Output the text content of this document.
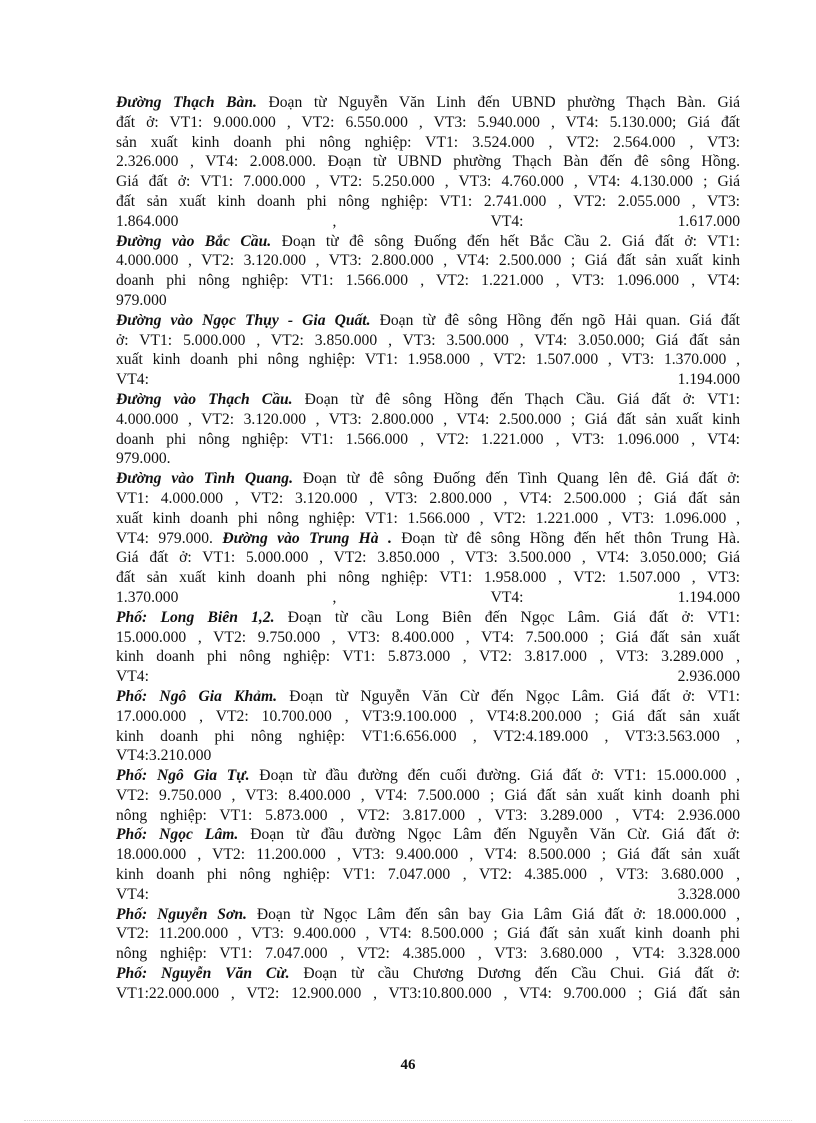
Đường Thạch Bàn. Đoạn từ Nguyễn Văn Linh đến UBND phường Thạch Bàn. Giá
đất ở: VT1: 9.000.000 , VT2: 6.550.000 , VT3: 5.940.000 , VT4: 5.130.000; Giá đất
sản xuất kinh doanh phi nông nghiệp: VT1: 3.524.000 , VT2: 2.564.000 , VT3:
2.326.000 , VT4: 2.008.000. Đoạn từ UBND phường Thạch Bàn đến đê sông Hồng.
Giá đất ở: VT1: 7.000.000 , VT2: 5.250.000 , VT3: 4.760.000 , VT4: 4.130.000 ; Giá
đất sản xuất kinh doanh phi nông nghiệp: VT1: 2.741.000 , VT2: 2.055.000 , VT3:
1.864.000	,	VT4:	1.617.000
Đường vào Bắc Cầu. Đoạn từ đê sông Đuống đến hết Bắc Cầu 2. Giá đất ở: VT1:
4.000.000 , VT2: 3.120.000 , VT3: 2.800.000 , VT4: 2.500.000 ; Giá đất sản xuất kinh
doanh phi nông nghiệp: VT1: 1.566.000 , VT2: 1.221.000 , VT3: 1.096.000 , VT4:
979.000
Đường vào Ngọc Thụy - Gia Quất. Đoạn từ đê sông Hồng đến ngõ Hải quan. Giá đất
ở: VT1: 5.000.000 , VT2: 3.850.000 , VT3: 3.500.000 , VT4: 3.050.000; Giá đất sản
xuất kinh doanh phi nông nghiệp: VT1: 1.958.000 , VT2: 1.507.000 , VT3: 1.370.000 ,
VT4:	1.194.000
Đường vào Thạch Cầu. Đoạn từ đê sông Hồng đến Thạch Cầu. Giá đất ở: VT1:
4.000.000 , VT2: 3.120.000 , VT3: 2.800.000 , VT4: 2.500.000 ; Giá đất sản xuất kinh
doanh phi nông nghiệp: VT1: 1.566.000 , VT2: 1.221.000 , VT3: 1.096.000 , VT4:
979.000.
Đường vào Tình Quang. Đoạn từ đê sông Đuống đến Tình Quang lên đê. Giá đất ở:
VT1: 4.000.000 , VT2: 3.120.000 , VT3: 2.800.000 , VT4: 2.500.000 ; Giá đất sản
xuất kinh doanh phi nông nghiệp: VT1: 1.566.000 , VT2: 1.221.000 , VT3: 1.096.000 ,
VT4: 979.000. Đường vào Trung Hà . Đoạn từ đê sông Hồng đến hết thôn Trung Hà.
Giá đất ở: VT1: 5.000.000 , VT2: 3.850.000 , VT3: 3.500.000 , VT4: 3.050.000; Giá
đất sản xuất kinh doanh phi nông nghiệp: VT1: 1.958.000 , VT2: 1.507.000 , VT3:
1.370.000	,	VT4:	1.194.000
Phố: Long Biên 1,2. Đoạn từ cầu Long Biên đến Ngọc Lâm. Giá đất ở: VT1:
15.000.000 , VT2: 9.750.000 , VT3: 8.400.000 , VT4: 7.500.000 ; Giá đất sản xuất
kinh doanh phi nông nghiệp: VT1: 5.873.000 , VT2: 3.817.000 , VT3: 3.289.000 ,
VT4:	2.936.000
Phố: Ngô Gia Khảm. Đoạn từ Nguyễn Văn Cừ đến Ngọc Lâm. Giá đất ở: VT1:
17.000.000 , VT2: 10.700.000 , VT3:9.100.000 , VT4:8.200.000 ; Giá đất sản xuất
kinh doanh phi nông nghiệp: VT1:6.656.000 , VT2:4.189.000 , VT3:3.563.000 ,
VT4:3.210.000
Phố: Ngô Gia Tự. Đoạn từ đầu đường đến cuối đường. Giá đất ở: VT1: 15.000.000 ,
VT2: 9.750.000 , VT3: 8.400.000 , VT4: 7.500.000 ; Giá đất sản xuất kinh doanh phi
nông nghiệp: VT1: 5.873.000 , VT2: 3.817.000 , VT3: 3.289.000 , VT4: 2.936.000
Phố: Ngọc Lâm. Đoạn từ đầu đường Ngọc Lâm đến Nguyễn Văn Cừ. Giá đất ở:
18.000.000 , VT2: 11.200.000 , VT3: 9.400.000 , VT4: 8.500.000 ; Giá đất sản xuất
kinh doanh phi nông nghiệp: VT1: 7.047.000 , VT2: 4.385.000 , VT3: 3.680.000 ,
VT4:	3.328.000
Phố: Nguyễn Sơn. Đoạn từ Ngọc Lâm đến sân bay Gia Lâm Giá đất ở: 18.000.000 ,
VT2: 11.200.000 , VT3: 9.400.000 , VT4: 8.500.000 ; Giá đất sản xuất kinh doanh phi
nông nghiệp: VT1: 7.047.000 , VT2: 4.385.000 , VT3: 3.680.000 , VT4: 3.328.000
Phố: Nguyễn Văn Cừ. Đoạn từ cầu Chương Dương đến Cầu Chui. Giá đất ở:
VT1:22.000.000 , VT2: 12.900.000 , VT3:10.800.000 , VT4: 9.700.000 ; Giá đất sản
46
